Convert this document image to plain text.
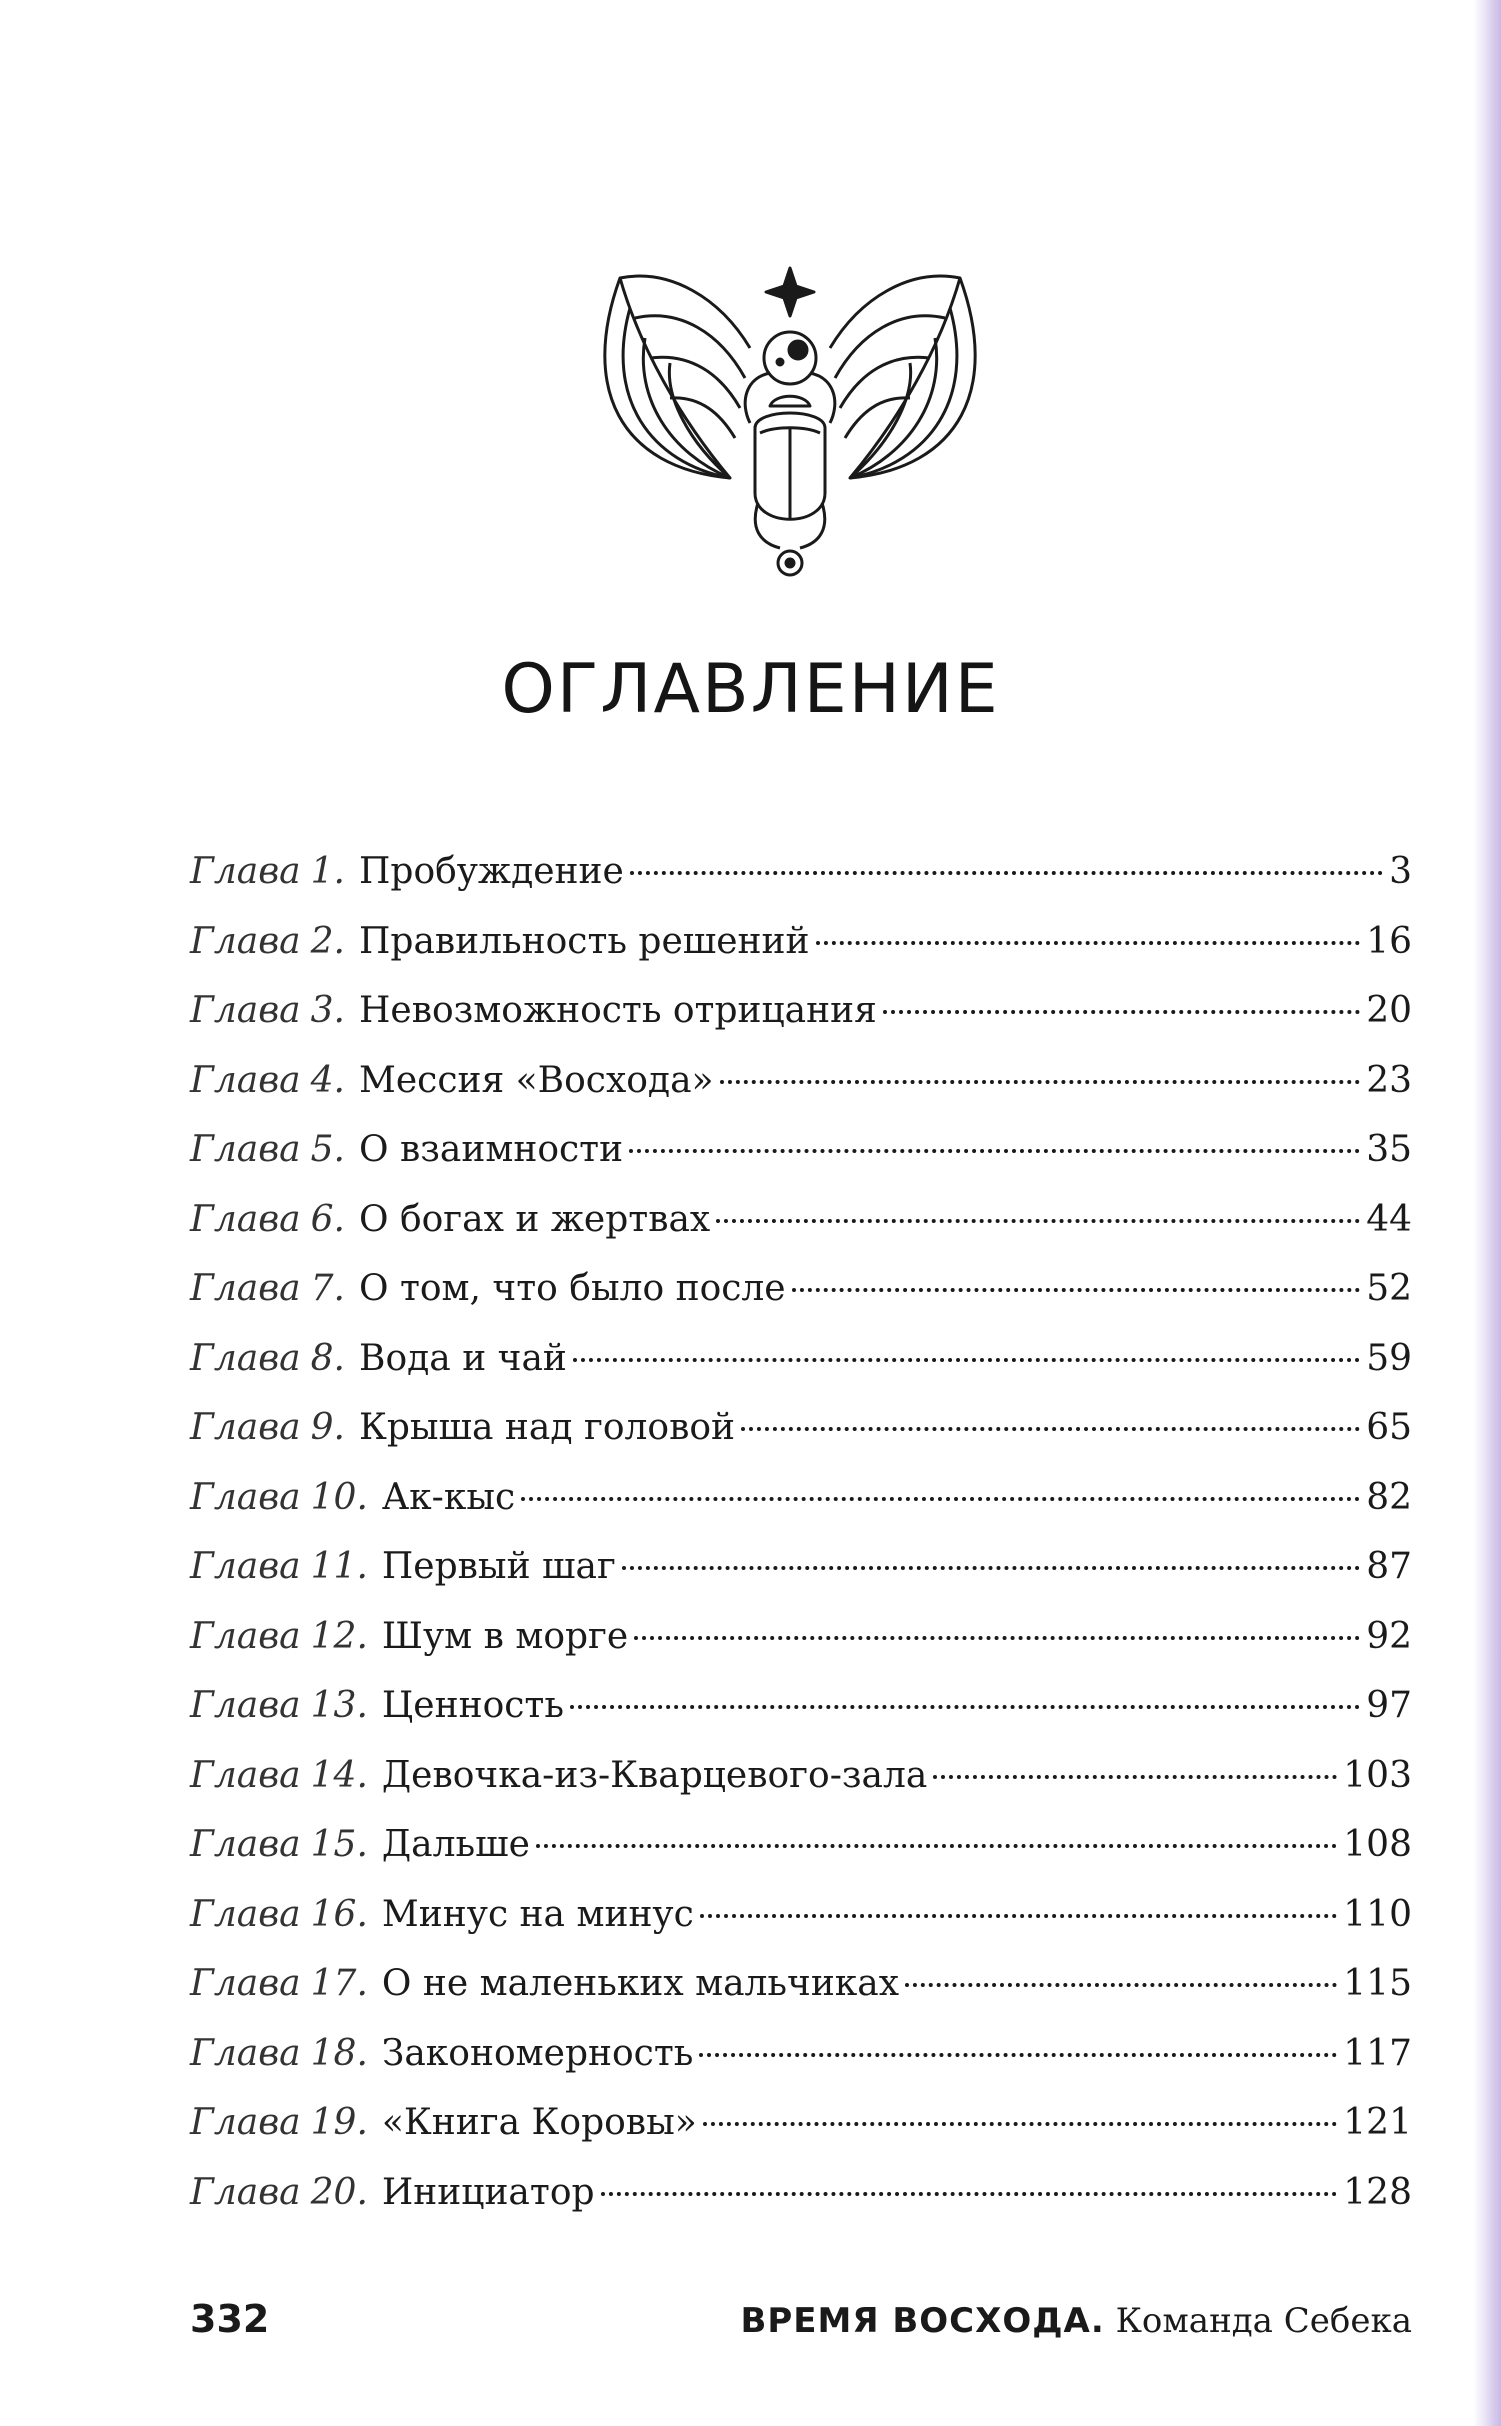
ОГЛАВЛЕНИЕ
Глава 1. Пробуждение	3
Глава 2. Правильность решений	16
Глава 3. Невозможность отрицания	20
Глава 4. Мессия «Восхода»	23
Глава 5. О взаимности	35
Глава 6. О богах и жертвах	44
Глава 7. О том, что было после	52
Глава 8. Вода и чай	59
Глава 9. Крыша над головой	65
Глава 10. Ак-кыс	82
Глава 11. Первый шаг	87
Глава 12. Шум в морге	92
Глава 13. Ценность	97
Глава 14. Девочка-из-Кварцевого-зала	103
Глава 15. Дальше	108
Глава 16. Минус на минус	110
Глава 17. О не маленьких мальчиках	115
Глава 18. Закономерность	117
Глава 19. «Книга Коровы»	121
Глава 20. Инициатор	128
332	ВРЕМЯ ВОСХОДА. Команда Себека
